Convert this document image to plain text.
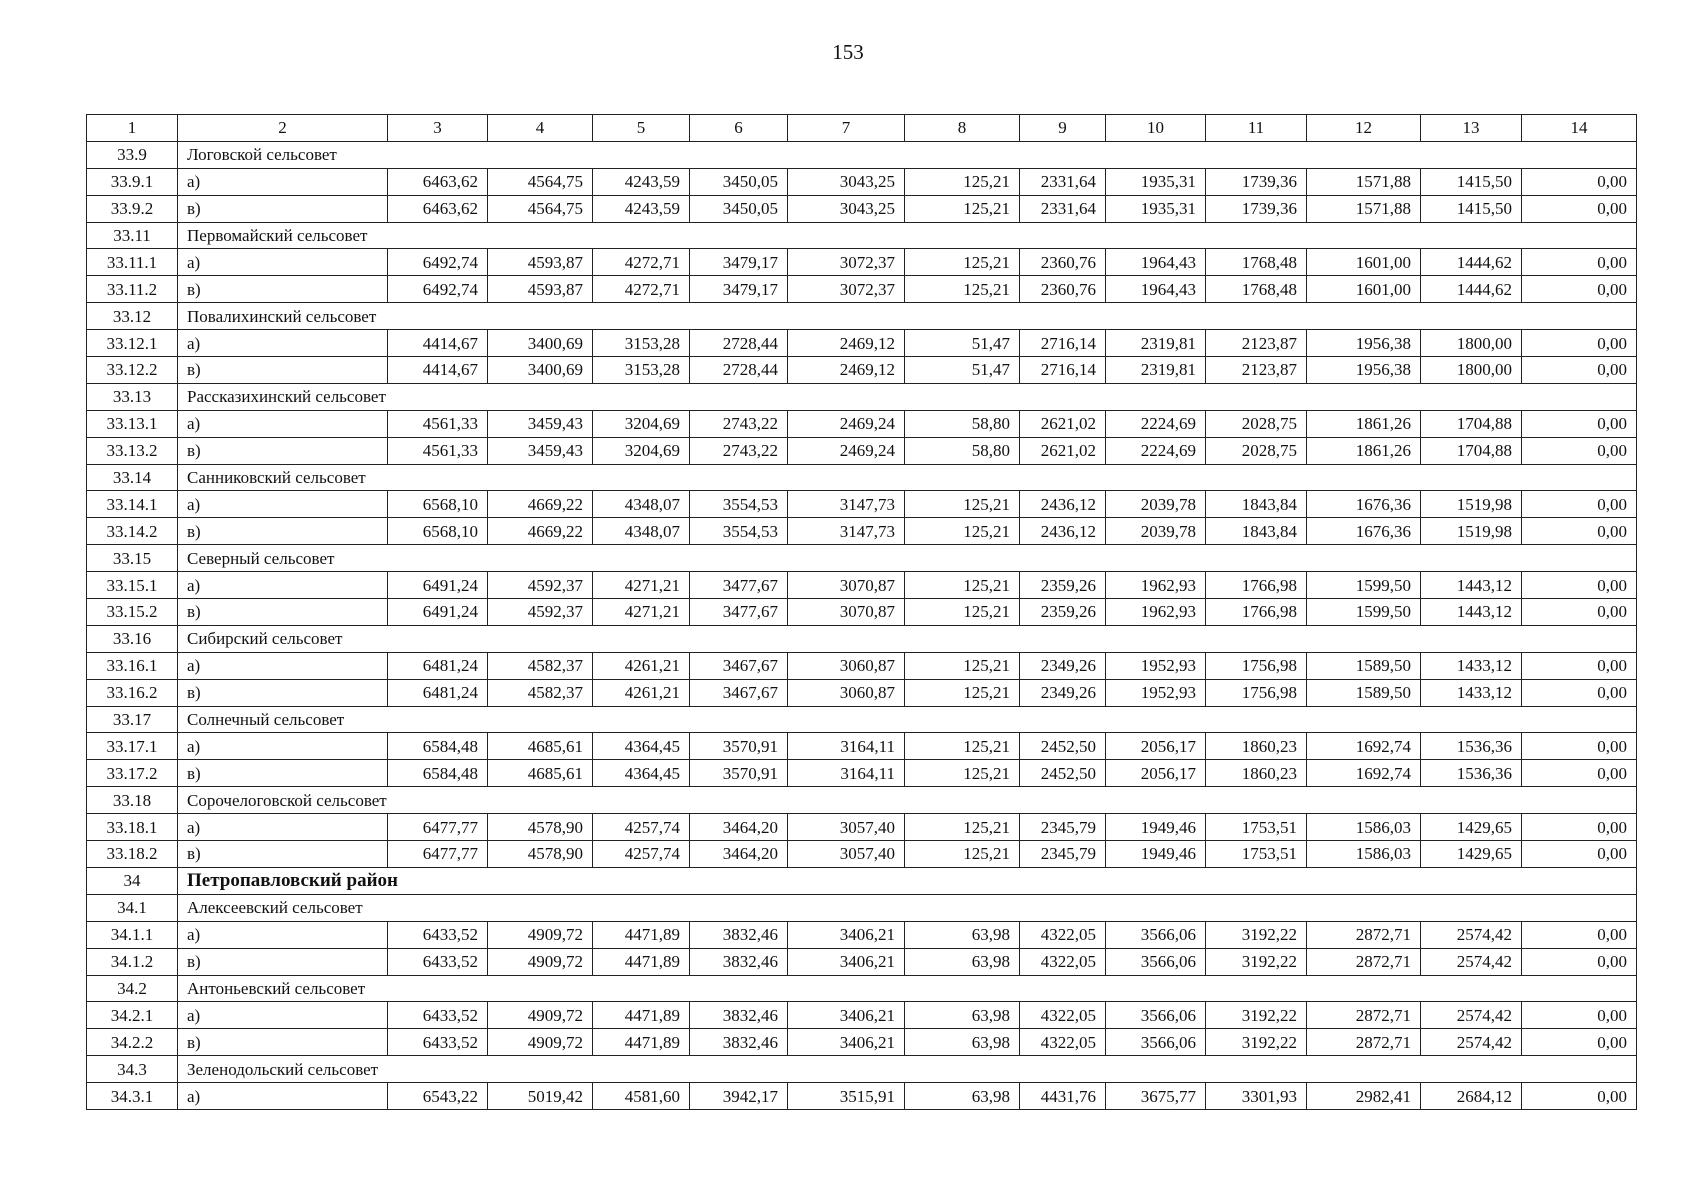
153
1	2	3	4	5	6	7	8	9	10	11	12	13	14
33.9	Логовской сельсовет												
33.9.1	а)	6463,62	4564,75	4243,59	3450,05	3043,25	125,21	2331,64	1935,31	1739,36	1571,88	1415,50	0,00
33.9.2	в)	6463,62	4564,75	4243,59	3450,05	3043,25	125,21	2331,64	1935,31	1739,36	1571,88	1415,50	0,00
33.11	Первомайский сельсовет												
33.11.1	а)	6492,74	4593,87	4272,71	3479,17	3072,37	125,21	2360,76	1964,43	1768,48	1601,00	1444,62	0,00
33.11.2	в)	6492,74	4593,87	4272,71	3479,17	3072,37	125,21	2360,76	1964,43	1768,48	1601,00	1444,62	0,00
33.12	Повалихинский сельсовет												
33.12.1	а)	4414,67	3400,69	3153,28	2728,44	2469,12	51,47	2716,14	2319,81	2123,87	1956,38	1800,00	0,00
33.12.2	в)	4414,67	3400,69	3153,28	2728,44	2469,12	51,47	2716,14	2319,81	2123,87	1956,38	1800,00	0,00
33.13	Рассказихинский сельсовет												
33.13.1	а)	4561,33	3459,43	3204,69	2743,22	2469,24	58,80	2621,02	2224,69	2028,75	1861,26	1704,88	0,00
33.13.2	в)	4561,33	3459,43	3204,69	2743,22	2469,24	58,80	2621,02	2224,69	2028,75	1861,26	1704,88	0,00
33.14	Санниковский сельсовет												
33.14.1	а)	6568,10	4669,22	4348,07	3554,53	3147,73	125,21	2436,12	2039,78	1843,84	1676,36	1519,98	0,00
33.14.2	в)	6568,10	4669,22	4348,07	3554,53	3147,73	125,21	2436,12	2039,78	1843,84	1676,36	1519,98	0,00
33.15	Северный сельсовет												
33.15.1	а)	6491,24	4592,37	4271,21	3477,67	3070,87	125,21	2359,26	1962,93	1766,98	1599,50	1443,12	0,00
33.15.2	в)	6491,24	4592,37	4271,21	3477,67	3070,87	125,21	2359,26	1962,93	1766,98	1599,50	1443,12	0,00
33.16	Сибирский сельсовет												
33.16.1	а)	6481,24	4582,37	4261,21	3467,67	3060,87	125,21	2349,26	1952,93	1756,98	1589,50	1433,12	0,00
33.16.2	в)	6481,24	4582,37	4261,21	3467,67	3060,87	125,21	2349,26	1952,93	1756,98	1589,50	1433,12	0,00
33.17	Солнечный сельсовет												
33.17.1	а)	6584,48	4685,61	4364,45	3570,91	3164,11	125,21	2452,50	2056,17	1860,23	1692,74	1536,36	0,00
33.17.2	в)	6584,48	4685,61	4364,45	3570,91	3164,11	125,21	2452,50	2056,17	1860,23	1692,74	1536,36	0,00
33.18	Сорочелоговской сельсовет												
33.18.1	а)	6477,77	4578,90	4257,74	3464,20	3057,40	125,21	2345,79	1949,46	1753,51	1586,03	1429,65	0,00
33.18.2	в)	6477,77	4578,90	4257,74	3464,20	3057,40	125,21	2345,79	1949,46	1753,51	1586,03	1429,65	0,00
34	Петропавловский район												
34.1	Алексеевский сельсовет												
34.1.1	а)	6433,52	4909,72	4471,89	3832,46	3406,21	63,98	4322,05	3566,06	3192,22	2872,71	2574,42	0,00
34.1.2	в)	6433,52	4909,72	4471,89	3832,46	3406,21	63,98	4322,05	3566,06	3192,22	2872,71	2574,42	0,00
34.2	Антоньевский сельсовет												
34.2.1	а)	6433,52	4909,72	4471,89	3832,46	3406,21	63,98	4322,05	3566,06	3192,22	2872,71	2574,42	0,00
34.2.2	в)	6433,52	4909,72	4471,89	3832,46	3406,21	63,98	4322,05	3566,06	3192,22	2872,71	2574,42	0,00
34.3	Зеленодольский сельсовет												
34.3.1	а)	6543,22	5019,42	4581,60	3942,17	3515,91	63,98	4431,76	3675,77	3301,93	2982,41	2684,12	0,00
